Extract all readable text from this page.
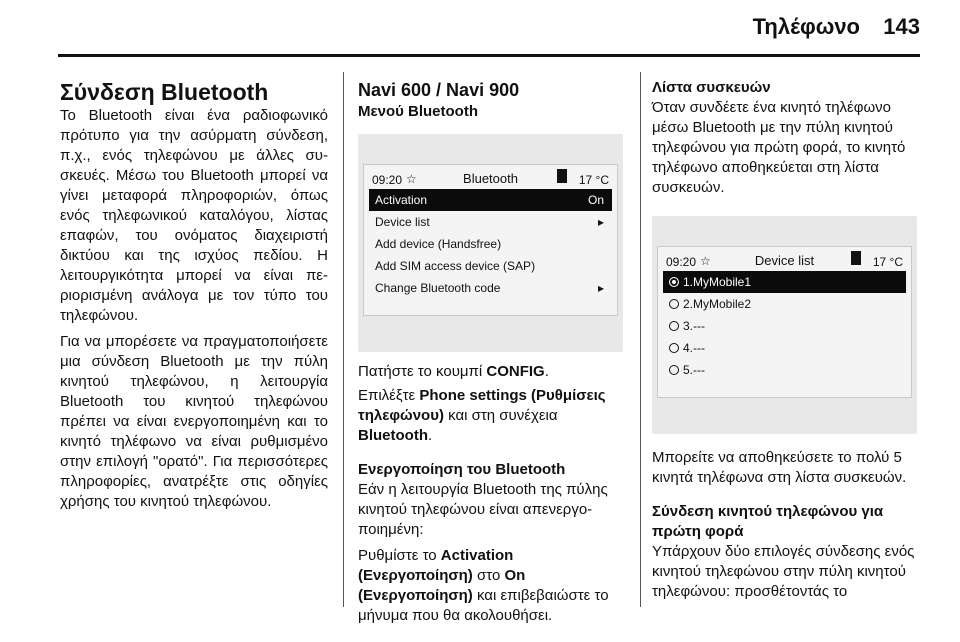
Τηλέφωνο 143

Σύνδεση Bluetooth

Το Bluetooth είναι ένα ραδιοφωνικό πρότυπο για την ασύρματη σύνδεση, π.χ., ενός τηλεφώνου με άλλες συσκευές. Μέσω του Bluetooth μπορεί να γίνει μεταφορά πληροφοριών, όπως ενός τηλεφωνικού καταλόγου, λίστας επαφών, του ονόματος διαχειριστή δικτύου και της ισχύος πεδίου. Η λειτουργικότητα μπορεί να είναι περιορισμένη ανάλογα με τον τύπο του τηλεφώνου.

Για να μπορέσετε να πραγματοποιήσετε μια σύνδεση Bluetooth με την πύλη κινητού τηλεφώνου, η λειτουργία Bluetooth του κινητού τηλεφώνου πρέπει να είναι ενεργοποιημένη και το κινητό τηλέφωνο να είναι ρυθμισμένο στην επιλογή "ορατό". Για περισσότερες πληροφορίες, ανατρέξτε στις οδηγίες χρήσης του κινητού τηλεφώνου.

Navi 600 / Navi 900

Μενού Bluetooth

09:20 ☆	Bluetooth	17 °C
Activation	On
Device list	▸
Add device (Handsfree)
Add SIM access device (SAP)
Change Bluetooth code	▸

Πατήστε το κουμπί CONFIG.

Επιλέξτε Phone settings (Ρυθμίσεις τηλεφώνου) και στη συνέχεια Bluetooth.

Ενεργοποίηση του Bluetooth

Εάν η λειτουργία Bluetooth της πύλης κινητού τηλεφώνου είναι απενεργοποιημένη:

Ρυθμίστε το Activation (Ενεργοποίηση) στο On (Ενεργοποίηση) και επιβεβαιώστε το μήνυμα που θα ακολουθήσει.

Λίστα συσκευών

Όταν συνδέετε ένα κινητό τηλέφωνο μέσω Bluetooth με την πύλη κινητού τηλεφώνου για πρώτη φορά, το κινητό τηλέφωνο αποθηκεύεται στη λίστα συσκευών.

09:20 ☆	Device list	17 °C
1.MyMobile1
2.MyMobile2
3.---
4.---
5.---

Μπορείτε να αποθηκεύσετε το πολύ 5 κινητά τηλέφωνα στη λίστα συσκευών.

Σύνδεση κινητού τηλεφώνου για πρώτη φορά

Υπάρχουν δύο επιλογές σύνδεσης ενός κινητού τηλεφώνου στην πύλη κινητού τηλεφώνου: προσθέτοντάς το
